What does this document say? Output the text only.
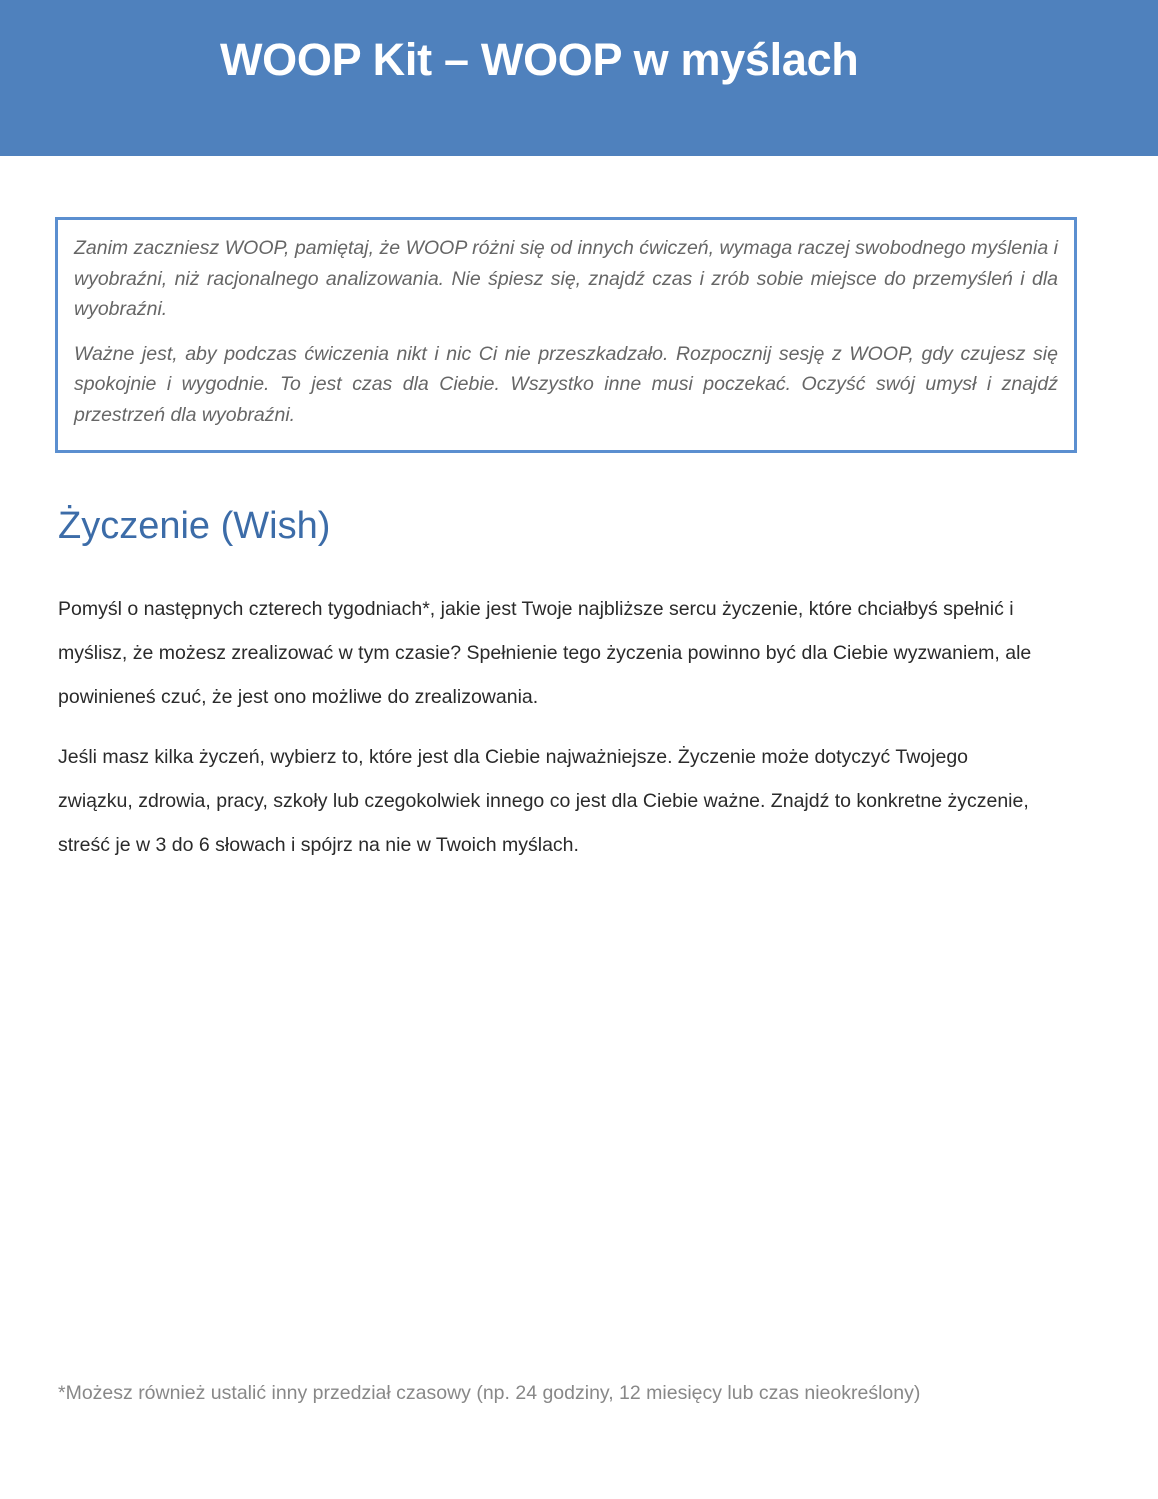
WOOP Kit – WOOP w myślach

Zanim zaczniesz WOOP, pamiętaj, że WOOP różni się od innych ćwiczeń, wymaga raczej swobodnego myślenia i wyobraźni, niż racjonalnego analizowania. Nie śpiesz się, znajdź czas i zrób sobie miejsce do przemyśleń i dla wyobraźni.

Ważne jest, aby podczas ćwiczenia nikt i nic Ci nie przeszkadzało. Rozpocznij sesję z WOOP, gdy czujesz się spokojnie i wygodnie. To jest czas dla Ciebie. Wszystko inne musi poczekać. Oczyść swój umysł i znajdź przestrzeń dla wyobraźni.

Życzenie (Wish)

Pomyśl o następnych czterech tygodniach*, jakie jest Twoje najbliższe sercu życzenie, które chciałbyś spełnić i myślisz, że możesz zrealizować w tym czasie? Spełnienie tego życzenia powinno być dla Ciebie wyzwaniem, ale powinieneś czuć, że jest ono możliwe do zrealizowania.

Jeśli masz kilka życzeń, wybierz to, które jest dla Ciebie najważniejsze. Życzenie może dotyczyć Twojego związku, zdrowia, pracy, szkoły lub czegokolwiek innego co jest dla Ciebie ważne. Znajdź to konkretne życzenie, streść je w 3 do 6 słowach i spójrz na nie w Twoich myślach.

*Możesz również ustalić inny przedział czasowy (np. 24 godziny, 12 miesięcy lub czas nieokreślony)
